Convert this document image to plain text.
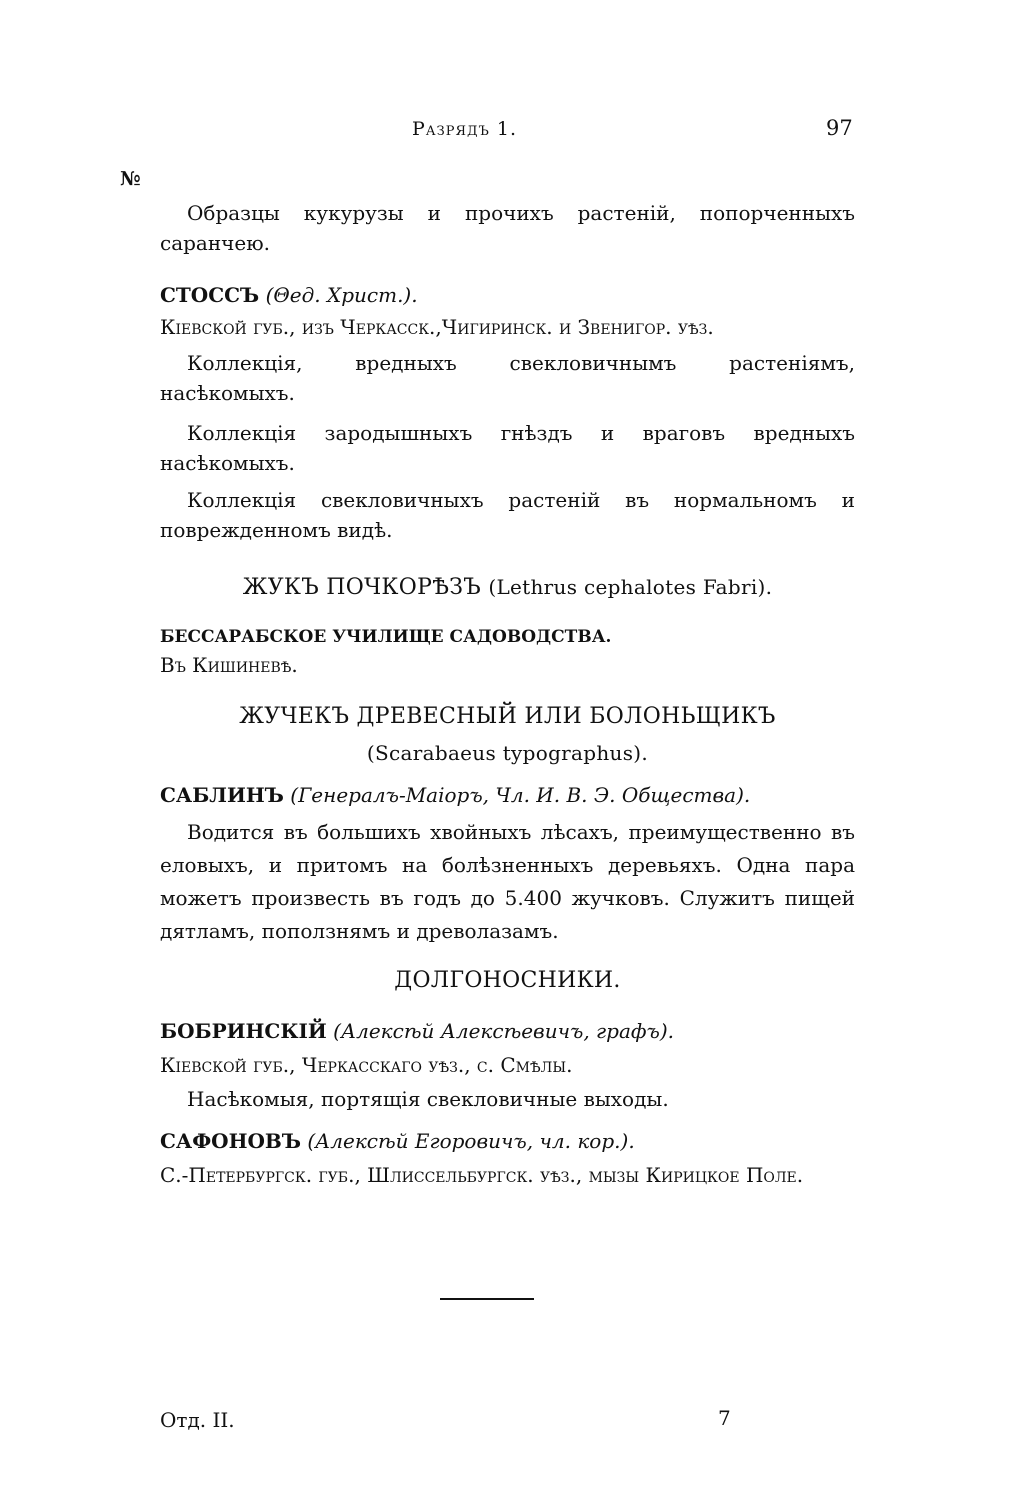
Разрядъ 1.	97
№

Образцы кукурузы и прочихъ растенiй, попорченныхъ саранчею.

СТОССЪ (Θед. Христ.).
Кiевской губ., изъ Черкасск.,Чигиринск. и Звенигор. уѣз.

Коллекцiя, вредныхъ свекловичнымъ растенiямъ, насѣкомыхъ.

Коллекцiя зародышныхъ гнѣздъ и враговъ вредныхъ насѣкомыхъ.

Коллекцiя свекловичныхъ растенiй въ нормальномъ и поврежденномъ видѣ.

ЖУКЪ ПОЧКОРѢЗЪ (Lethrus cephalotes Fabri).
БЕССАРАБСКОЕ УЧИЛИЩЕ САДОВОДСТВА.
Въ Кишиневѣ.
ЖУЧЕКЪ ДРЕВЕСНЫЙ ИЛИ БОЛОНЬЩИКЪ
(Scarabaeus typographus).
САБЛИНЪ (Генералъ-Маiоръ, Чл. И. В. Э. Общества).

Водится въ большихъ хвойныхъ лѣсахъ, преимущественно въ еловыхъ, и притомъ на болѣзненныхъ деревьяхъ. Одна пара можетъ произвесть въ годъ до 5.400 жучковъ. Служитъ пищей дятламъ, поползнямъ и древолазамъ.

ДОЛГОНОСНИКИ.
БОБРИНСКIЙ (Алексѣй Алексѣевичъ, графъ).
Кiевской губ., Черкасскаго уѣз., с. Смѣлы.

Насѣкомыя, портящiя свекловичные выходы.

САФОНОВЪ (Алексѣй Егоровичъ, чл. кор.).

С.-Петербургск. губ., Шлиссельбургск. уѣз., мызы Кирицкое Поле.

Отд. II.	7
